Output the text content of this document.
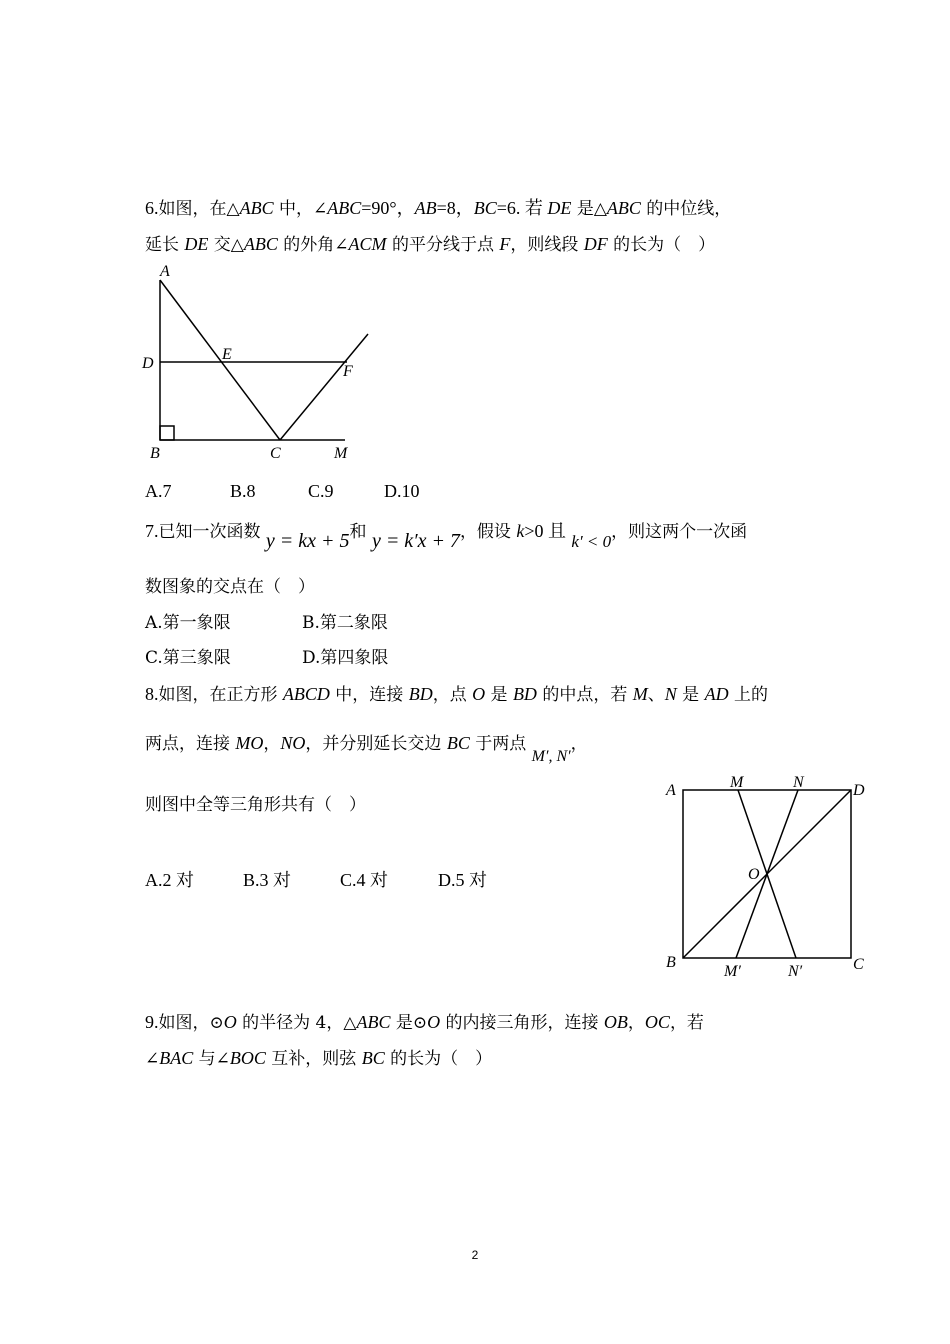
6.如图，在△ABC 中，∠ABC=90°，AB=8，BC=6. 若 DE 是△ABC 的中位线，
延长 DE 交△ABC 的外角∠ACM 的平分线于点 F，则线段 DF 的长为（　）
A
D
E
F
B	C	M
A.7	B.8	C.9	D.10
7.已知一次函数 y = kx + 5和 y = k′x + 7，假设 k>0 且 k′ < 0，则这两个一次函
数图象的交点在（　）
A.第一象限	B.第二象限
C.第三象限	D.第四象限
8.如图，在正方形 ABCD 中，连接 BD，点 O 是 BD 的中点，若 M、N 是 AD 上的
两点，连接 MO，NO，并分别延长交边 BC 于两点 M′, N′，
则图中全等三角形共有（　）
A.2 对	B.3 对	C.4 对	D.5 对
A	M	N	D
O
B
M′	N′	C
9.如图，⊙O 的半径为 4，△ABC 是⊙O 的内接三角形，连接 OB，OC，若
∠BAC 与∠BOC 互补，则弦 BC 的长为（　）
2
